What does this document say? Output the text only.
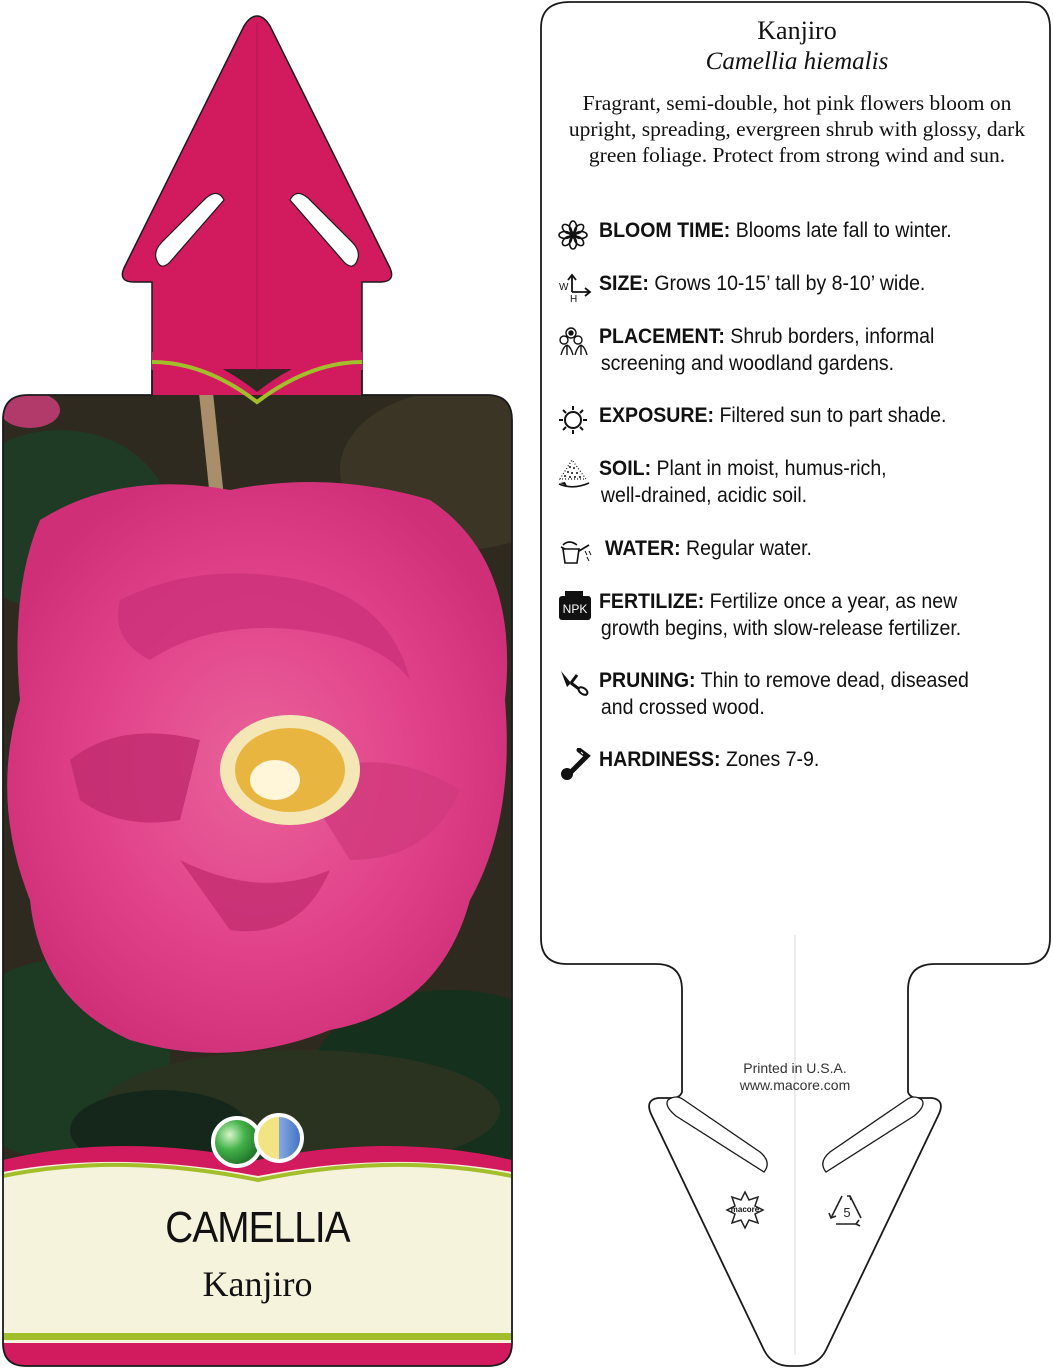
CAMELLIA
Kanjiro
Kanjiro
Camellia hiemalis
Fragrant, semi-double, hot pink flowers bloom on upright, spreading, evergreen shrub with glossy, dark green foliage. Protect from strong wind and sun.
BLOOM TIME: Blooms late fall to winter.
W
H
SIZE: Grows 10-15’ tall by 8-10’ wide.
PLACEMENT: Shrub borders, informal
screening and woodland gardens.
EXPOSURE: Filtered sun to part shade.
SOIL: Plant in moist, humus-rich,
well-drained, acidic soil.
WATER: Regular water.
NPK FERTILIZE: Fertilize once a year, as new
growth begins, with slow-release fertilizer.
PRUNING: Thin to remove dead, diseased
and crossed wood.
HARDINESS: Zones 7-9.
Printed in U.S.A.
www.macore.com
macore	5
